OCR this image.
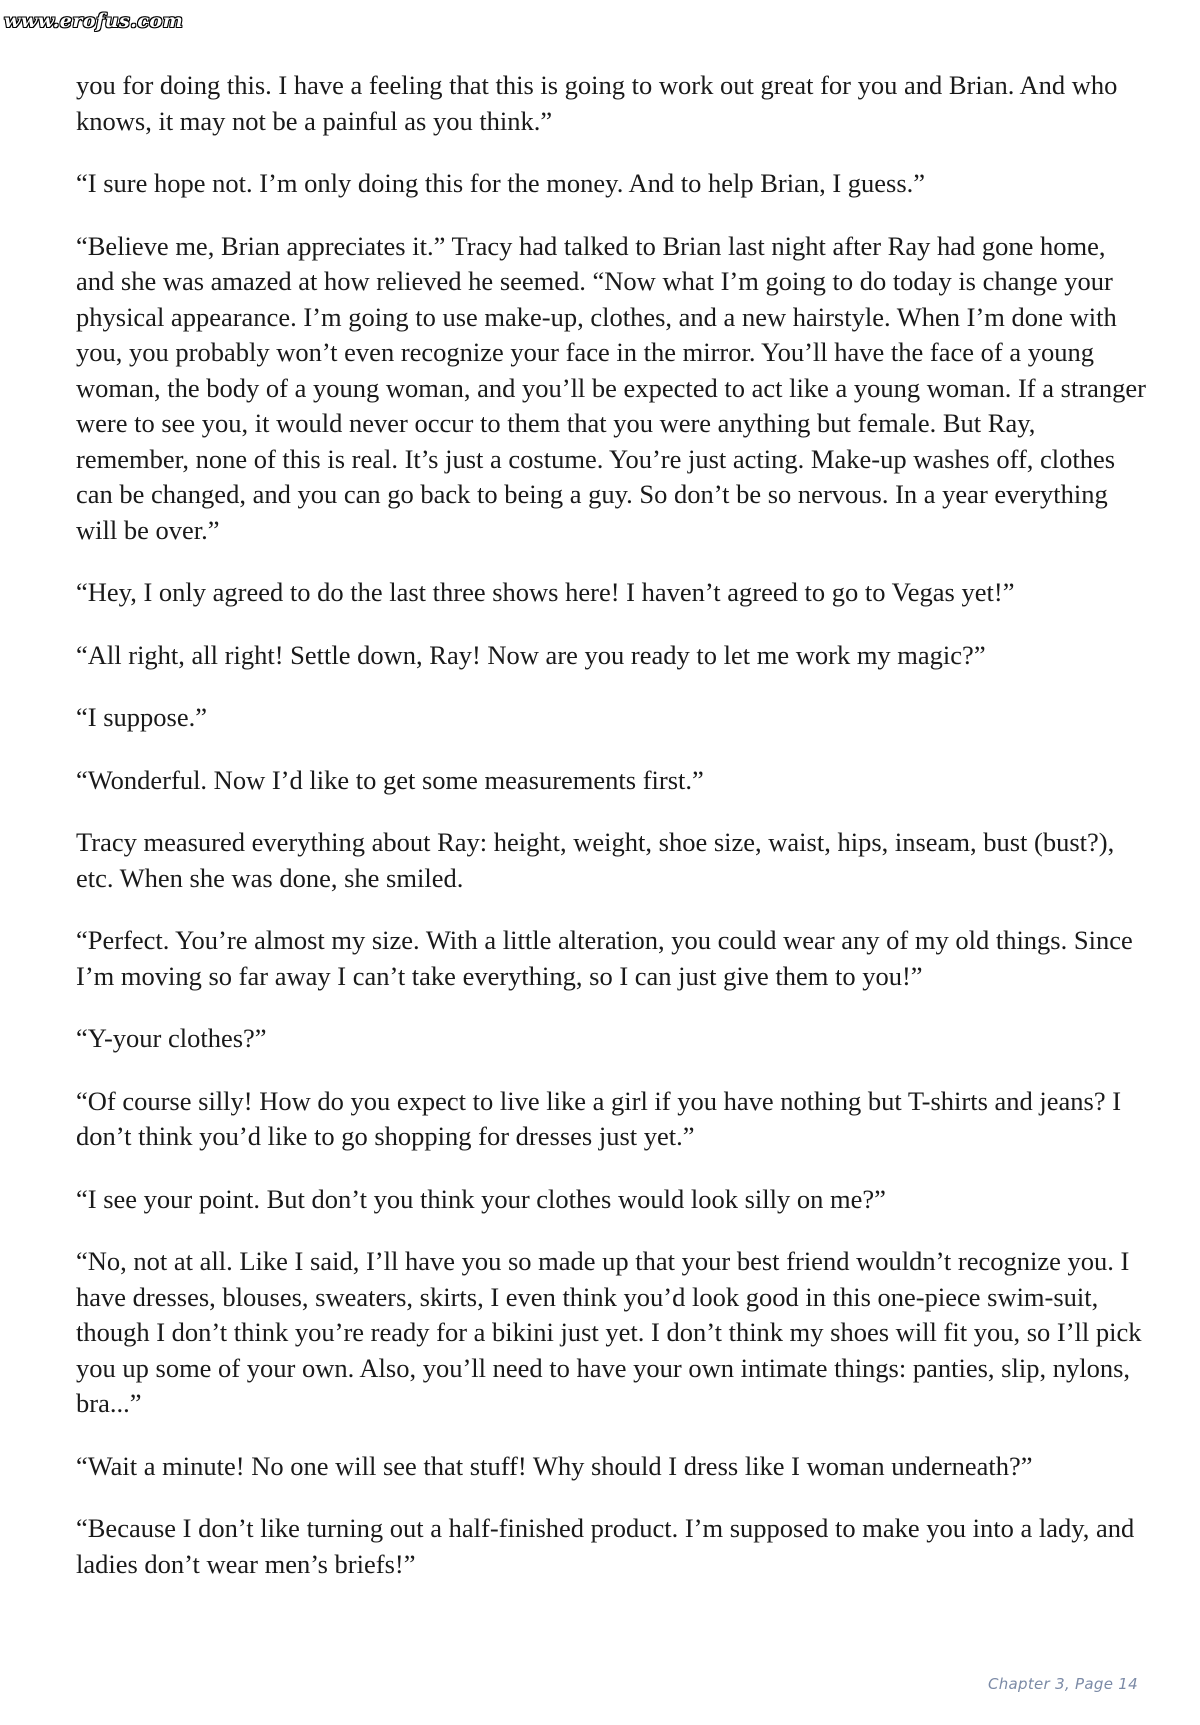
www.erofus.com

you for doing this. I have a feeling that this is going to work out great for you and Brian. And who knows, it may not be a painful as you think.”

“I sure hope not. I’m only doing this for the money. And to help Brian, I guess.”

“Believe me, Brian appreciates it.” Tracy had talked to Brian last night after Ray had gone home, and she was amazed at how relieved he seemed. “Now what I’m going to do today is change your physical appearance. I’m going to use make-up, clothes, and a new hairstyle. When I’m done with you, you probably won’t even recognize your face in the mirror. You’ll have the face of a young woman, the body of a young woman, and you’ll be expected to act like a young woman. If a stranger were to see you, it would never occur to them that you were anything but female. But Ray, remember, none of this is real. It’s just a costume. You’re just acting. Make-up washes off, clothes can be changed, and you can go back to being a guy. So don’t be so nervous. In a year everything will be over.”

“Hey, I only agreed to do the last three shows here! I haven’t agreed to go to Vegas yet!”

“All right, all right! Settle down, Ray! Now are you ready to let me work my magic?”

“I suppose.”

“Wonderful. Now I’d like to get some measurements first.”

Tracy measured everything about Ray: height, weight, shoe size, waist, hips, inseam, bust (bust?), etc. When she was done, she smiled.

“Perfect. You’re almost my size. With a little alteration, you could wear any of my old things. Since I’m moving so far away I can’t take everything, so I can just give them to you!”

“Y-your clothes?”

“Of course silly! How do you expect to live like a girl if you have nothing but T-shirts and jeans? I don’t think you’d like to go shopping for dresses just yet.”

“I see your point. But don’t you think your clothes would look silly on me?”

“No, not at all. Like I said, I’ll have you so made up that your best friend wouldn’t recognize you. I have dresses, blouses, sweaters, skirts, I even think you’d look good in this one-piece swim-suit, though I don’t think you’re ready for a bikini just yet. I don’t think my shoes will fit you, so I’ll pick you up some of your own. Also, you’ll need to have your own intimate things: panties, slip, nylons, bra...”

“Wait a minute! No one will see that stuff! Why should I dress like I woman underneath?”

“Because I don’t like turning out a half-finished product. I’m supposed to make you into a lady, and ladies don’t wear men’s briefs!”

Chapter 3, Page 14
